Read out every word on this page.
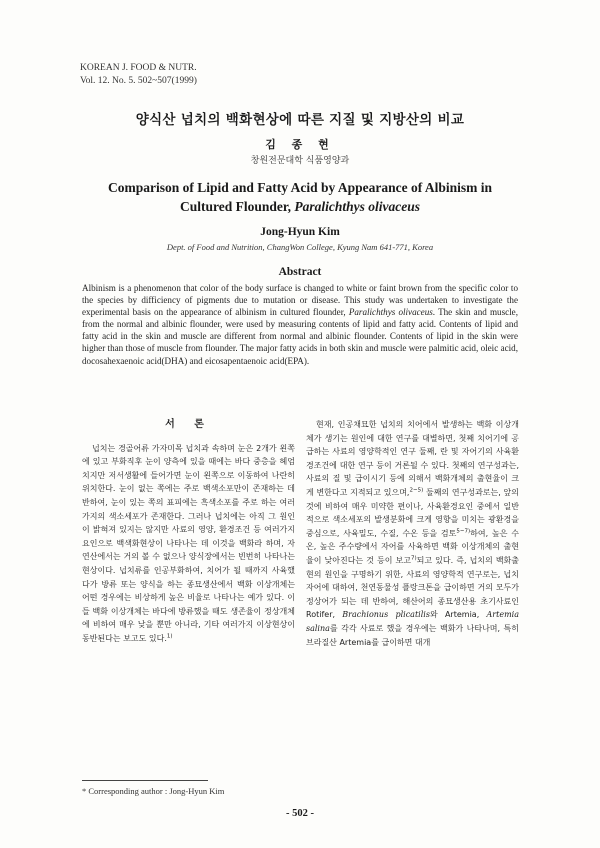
KOREAN J. FOOD & NUTR.
Vol. 12. No. 5. 502~507(1999)
양식산 넙치의 백화현상에 따른 지질 및 지방산의 비교
김 종 현
창원전문대학 식품영양과
Comparison of Lipid and Fatty Acid by Appearance of Albinism in
Cultured Flounder, Paralichthys olivaceus
Jong-Hyun Kim
Dept. of Food and Nutrition, ChangWon College, Kyung Nam 641-771, Korea
Abstract
Albinism is a phenomenon that color of the body surface is changed to white or faint brown from the specific color to the species by difficiency of pigments due to mutation or disease. This study was undertaken to investigate the experimental basis on the appearance of albinism in cultured flounder, Paralichthys olivaceus. The skin and muscle, from the normal and albinic flounder, were used by measuring contents of lipid and fatty acid. Contents of lipid and fatty acid in the skin and muscle are different from normal and albinic flounder. Contents of lipid in the skin were higher than those of muscle from flounder. The major fatty acids in both skin and muscle were palmitic acid, oleic acid, docosahexaenoic acid(DHA) and eicosapentaenoic acid(EPA).
서 론

넙치는 경골어류 가자미목 넙치과 속하며 눈은 2개가 왼쪽에 있고 부화직후 눈이 양측에 있을 때에는 바다 중층을 헤엄치지만 저서생활에 들어가면 눈이 왼쪽으로 이동하여 나란히 위치한다. 눈이 없는 쪽에는 주로 백색소포만이 존재하는 데 반하여, 눈이 있는 쪽의 표피에는 흑색소포를 주로 하는 여러가지의 색소세포가 존재한다. 그러나 넙치에는 아직 그 원인이 밝혀져 있지는 않지만 사료의 영양, 환경조건 등 여러가지 요인으로 백색화현상이 나타나는 데 이것을 백화라 하며, 자연산에서는 거의 볼 수 없으나 양식장에서는 빈번히 나타나는 현상이다. 넙치류를 인공부화하여, 치어가 될 때까지 사육했다가 방류 또는 양식을 하는 종묘생산에서 백화 이상개체는 어떤 경우에는 비상하게 높은 비율로 나타나는 예가 있다. 이들 백화 이상개체는 바다에 방류했을 때도 생존율이 정상개체에 비하여 매우 낮을 뿐만 아니라, 기타 여러가지 이상현상이 동반된다는 보고도 있다.$^{1)}$

현재, 인공채묘한 넙치의 치어에서 발생하는 백화 이상개체가 생기는 원인에 대한 연구를 대별하면, 첫째 치어기에 공급하는 사료의 영양학적인 연구 둘째, 란 및 자어기의 사육환경조건에 대한 연구 등이 거론될 수 있다. 첫째의 연구성과는, 사료의 질 및 급이시기 등에 의해서 백화개체의 출현율이 크게 변한다고 지적되고 있으며,$^{2\sim 5)}$ 둘째의 연구성과로는, 앞의 것에 비하여 매우 미약한 편이나, 사육환경요인 중에서 일반적으로 색소세포의 발생분화에 크게 영향을 미치는 광환경을 중심으로, 사육밀도, 수질, 수온 등을 검토$^{5\sim 7)}$하여, 높은 수온, 높은 주수량에서 자어를 사육하면 백화 이상개체의 출현율이 낮아진다는 것 등이 보고$^{7)}$되고 있다. 즉, 넙치의 백화출현의 원인을 구명하기 위한, 사료의 영양학적 연구로는, 넙치 자어에 대하여, 천연동물성 플랑크톤을 급이하면 거의 모두가 정상어가 되는 데 반하여, 해산어의 종묘생산용 초기사료인 Rotifer, Brachionus plicatilis와 Artemia, Artemia salina를 각각 사료로 했을 경우에는 백화가 나타나며, 특히 브라질산 Artemia를 급이하면 대개

* Corresponding author : Jong-Hyun Kim
- 502 -
